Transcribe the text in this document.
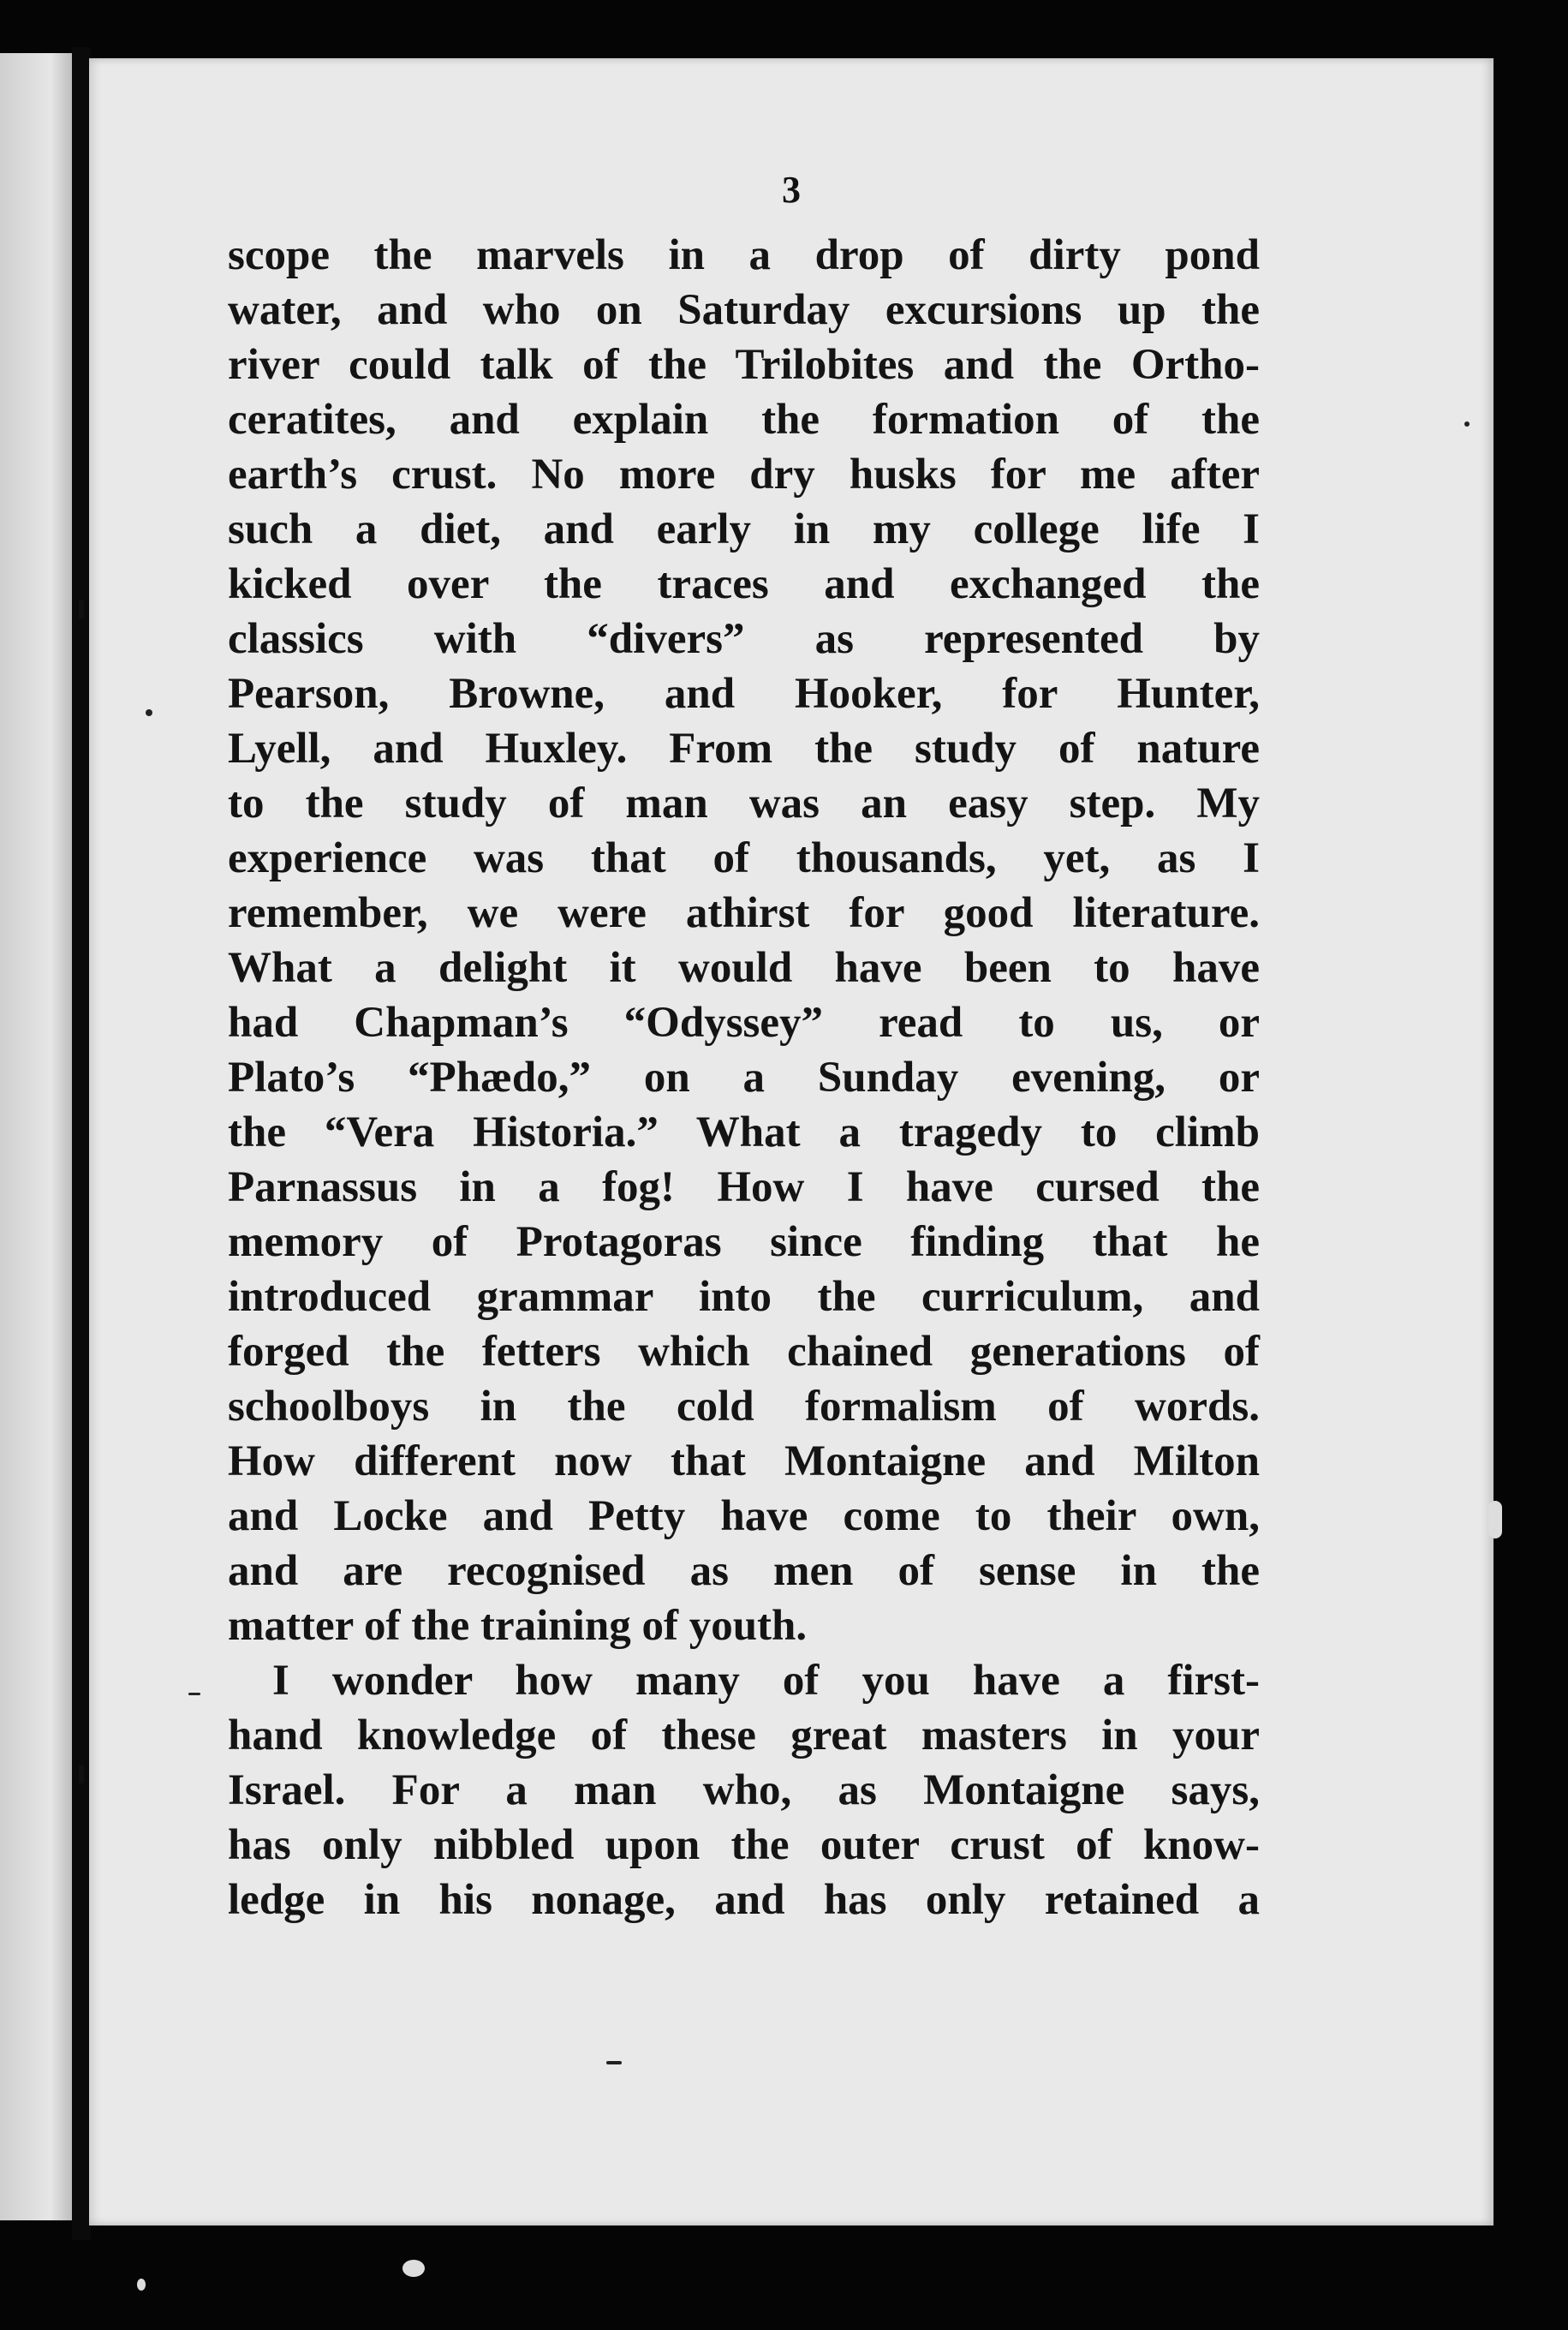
3
scope the marvels in a drop of dirty pond
water, and who on Saturday excursions up the
river could talk of the Trilobites and the Ortho-
ceratites, and explain the formation of the
earth’s crust. No more dry husks for me after
such a diet, and early in my college life I
kicked over the traces and exchanged the
classics with “divers” as represented by
Pearson, Browne, and Hooker, for Hunter,
Lyell, and Huxley. From the study of nature
to the study of man was an easy step. My
experience was that of thousands, yet, as I
remember, we were athirst for good literature.
What a delight it would have been to have
had Chapman’s “Odyssey” read to us, or
Plato’s “Phædo,” on a Sunday evening, or
the “Vera Historia.” What a tragedy to climb
Parnassus in a fog! How I have cursed the
memory of Protagoras since finding that he
introduced grammar into the curriculum, and
forged the fetters which chained generations of
schoolboys in the cold formalism of words.
How different now that Montaigne and Milton
and Locke and Petty have come to their own,
and are recognised as men of sense in the
matter of the training of youth.
I wonder how many of you have a first-
hand knowledge of these great masters in your
Israel. For a man who, as Montaigne says,
has only nibbled upon the outer crust of know-
ledge in his nonage, and has only retained a
